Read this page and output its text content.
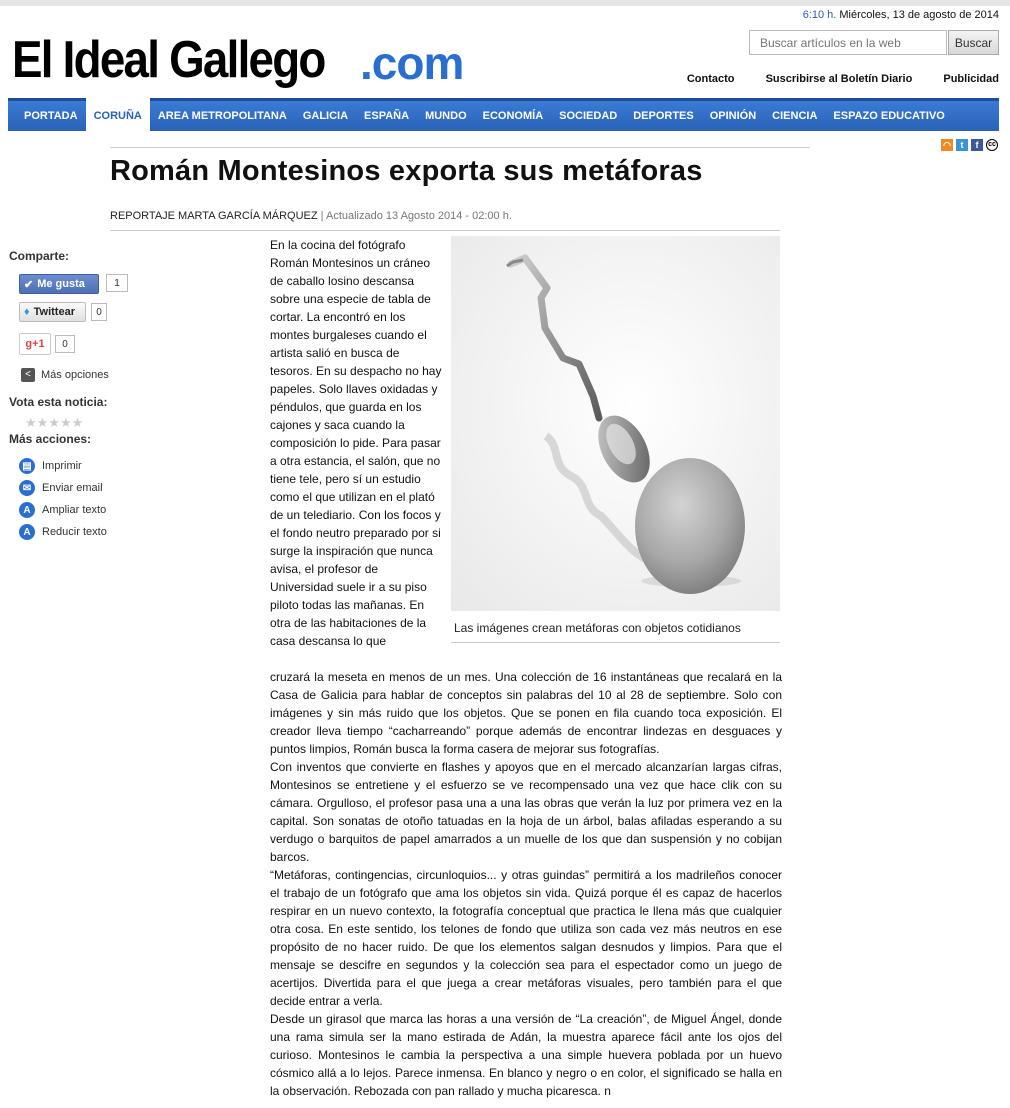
6:10 h. Miércoles, 13 de agosto de 2014
El Ideal Gallego .com
Buscar artículos en la web	Buscar
Contacto	Suscribirse al Boletín Diario	Publicidad
PORTADA	CORUÑA	AREA METROPOLITANA	GALICIA	ESPAÑA	MUNDO	ECONOMÍA	SOCIEDAD	DEPORTES	OPINIÓN	CIENCIA	ESPAZO EDUCATIVO
◠	t	f	cc
Román Montesinos exporta sus metáforas
REPORTAJE MARTA GARCÍA MÁRQUEZ | Actualizado 13 Agosto 2014 - 02:00 h.
Comparte:
✔ Me gusta	1
♦ Twittear	0
g+1	0
< Más opciones
Vota esta noticia:
★★★★★
Más acciones:
▤ Imprimir
✉ Enviar email
A	Ampliar texto
A	Reducir texto

En la cocina del fotógrafo Román Montesinos un cráneo de caballo losino descansa sobre una especie de tabla de cortar. La encontró en los montes burgaleses cuando el artista salió en busca de tesoros. En su despacho no hay papeles. Solo llaves oxidadas y péndulos, que guarda en los cajones y saca cuando la composición lo pide. Para pasar a otra estancia, el salón, que no tiene tele, pero sí un estudio como el que utilizan en el plató de un telediario. Con los focos y el fondo neutro preparado por si surge la inspiración que nunca avisa, el profesor de Universidad suele ir a su piso piloto todas las mañanas. En otra de las habitaciones de la casa descansa lo que

Las imágenes crean metáforas con objetos cotidianos

cruzará la meseta en menos de un mes. Una colección de 16 instantáneas que recalará en la Casa de Galicia para hablar de conceptos sin palabras del 10 al 28 de septiembre. Solo con imágenes y sin más ruido que los objetos. Que se ponen en fila cuando toca exposición. El creador lleva tiempo “cacharreando” porque además de encontrar lindezas en desguaces y puntos limpios, Román busca la forma casera de mejorar sus fotografías.

Con inventos que convierte en flashes y apoyos que en el mercado alcanzarían largas cifras, Montesinos se entretiene y el esfuerzo se ve recompensado una vez que hace clik con su cámara. Orgulloso, el profesor pasa una a una las obras que verán la luz por primera vez en la capital. Son sonatas de otoño tatuadas en la hoja de un árbol, balas afiladas esperando a su verdugo o barquitos de papel amarrados a un muelle de los que dan suspensión y no cobijan barcos.

“Metáforas, contingencias, circunloquios... y otras guindas” permitirá a los madrileños conocer el trabajo de un fotógrafo que ama los objetos sin vida. Quizá porque él es capaz de hacerlos respirar en un nuevo contexto, la fotografía conceptual que practica le llena más que cualquier otra cosa. En este sentido, los telones de fondo que utiliza son cada vez más neutros en ese propósito de no hacer ruido. De que los elementos salgan desnudos y limpios. Para que el mensaje se descifre en segundos y la colección sea para el espectador como un juego de acertijos. Divertida para el que juega a crear metáforas visuales, pero también para el que decide entrar a verla.

Desde un girasol que marca las horas a una versión de “La creación”, de Miguel Ángel, donde una rama simula ser la mano estirada de Adán, la muestra aparece fácil ante los ojos del curioso. Montesinos le cambia la perspectiva a una simple huevera poblada por un huevo cósmico allá a lo lejos. Parece inmensa. En blanco y negro o en color, el significado se halla en la observación. Rebozada con pan rallado y mucha picaresca. n
